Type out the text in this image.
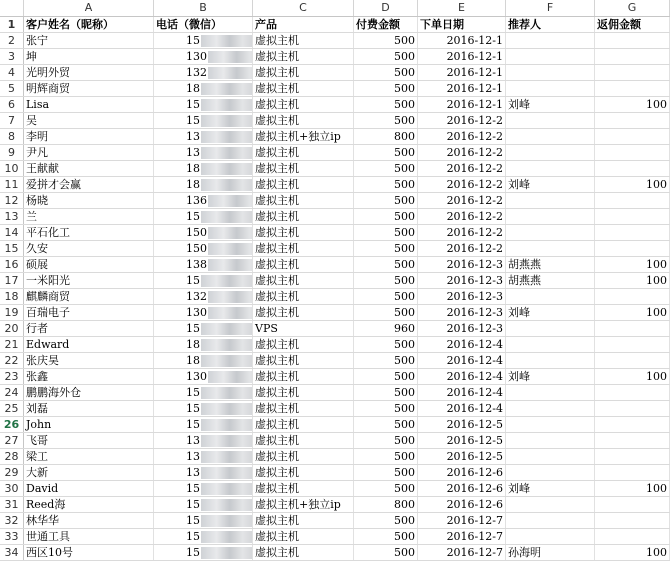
A	B	C	D	E	F	G
1 客户姓名（昵称）	电话（微信）	产品	付费金额	下单日期	推荐人	返佣金额
2	张宁	15	虚拟主机	500	2016-12-1
3	坤	130	虚拟主机	500	2016-12-1
4	光明外贸	132	虚拟主机	500	2016-12-1
5	明辉商贸	18	虚拟主机	500	2016-12-1
6	Lisa	15	虚拟主机	500	2016-12-1 刘峰	100
7	吴	15	虚拟主机	500	2016-12-2
8	李明	13	虚拟主机+独立ip	800	2016-12-2
9	尹凡	13	虚拟主机	500	2016-12-2
10 王献献	18	虚拟主机	500	2016-12-2
11 爱拼才会赢	18	虚拟主机	500	2016-12-2 刘峰	100
12 杨晓	136	虚拟主机	500	2016-12-2
13 兰	15	虚拟主机	500	2016-12-2
14 平石化工	150	虚拟主机	500	2016-12-2
15 久安	150	虚拟主机	500	2016-12-2
16 硕展	138	虚拟主机	500	2016-12-3 胡燕燕	100
17 一米阳光	15	虚拟主机	500	2016-12-3 胡燕燕	100
18 麒麟商贸	132	虚拟主机	500	2016-12-3
19 百瑞电子	130	虚拟主机	500	2016-12-3 刘峰	100
20 行者	15	VPS	960	2016-12-3
21 Edward	18	虚拟主机	500	2016-12-4
22 张庆昊	18	虚拟主机	500	2016-12-4
23 张鑫	130	虚拟主机	500	2016-12-4 刘峰	100
24 鹏鹏海外仓	15	虚拟主机	500	2016-12-4
25 刘磊	15	虚拟主机	500	2016-12-4
26 John	15	虚拟主机	500	2016-12-5
27 飞哥	13	虚拟主机	500	2016-12-5
28 梁工	13	虚拟主机	500	2016-12-5
29 大新	13	虚拟主机	500	2016-12-6
30 David	15	虚拟主机	500	2016-12-6 刘峰	100
31 Reed海	15	虚拟主机+独立ip	800	2016-12-6
32 林华华	15	虚拟主机	500	2016-12-7
33 世通工具	15	虚拟主机	500	2016-12-7
34 西区10号	15	虚拟主机	500	2016-12-7 孙海明	100
